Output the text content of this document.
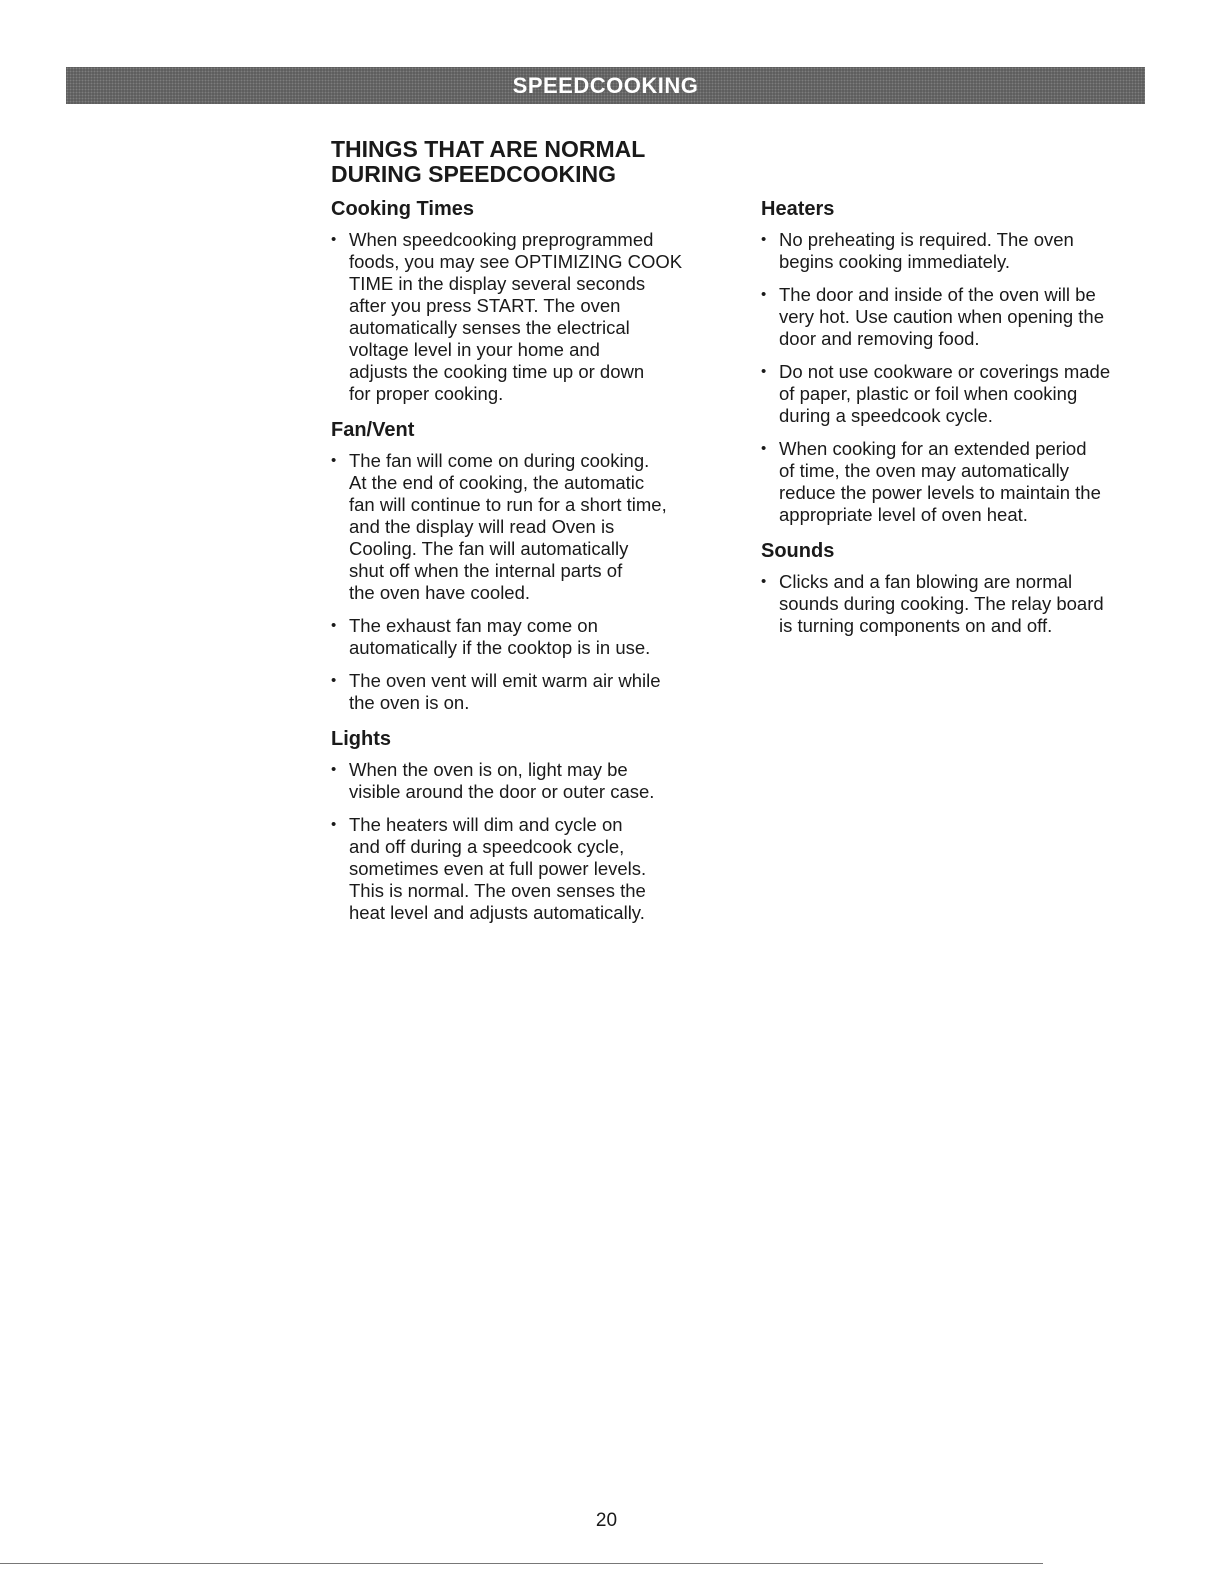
SPEEDCOOKING
THINGS THAT ARE NORMAL
DURING SPEEDCOOKING
Cooking Times
• When speedcooking preprogrammed
foods, you may see OPTIMIZING COOK
TIME in the display several seconds
after you press START. The oven
automatically senses the electrical
voltage level in your home and
adjusts the cooking time up or down
for proper cooking.
Fan/Vent
• The fan will come on during cooking.
At the end of cooking, the automatic
fan will continue to run for a short time,
and the display will read Oven is
Cooling. The fan will automatically
shut off when the internal parts of
the oven have cooled.
• The exhaust fan may come on
automatically if the cooktop is in use.
• The oven vent will emit warm air while
the oven is on.
Lights
• When the oven is on, light may be
visible around the door or outer case.
• The heaters will dim and cycle on
and off during a speedcook cycle,
sometimes even at full power levels.
This is normal. The oven senses the
heat level and adjusts automatically.
Heaters
• No preheating is required. The oven
begins cooking immediately.
• The door and inside of the oven will be
very hot. Use caution when opening the
door and removing food.
• Do not use cookware or coverings made
of paper, plastic or foil when cooking
during a speedcook cycle.
• When cooking for an extended period
of time, the oven may automatically
reduce the power levels to maintain the
appropriate level of oven heat.
Sounds
• Clicks and a fan blowing are normal
sounds during cooking. The relay board
is turning components on and off.
20
